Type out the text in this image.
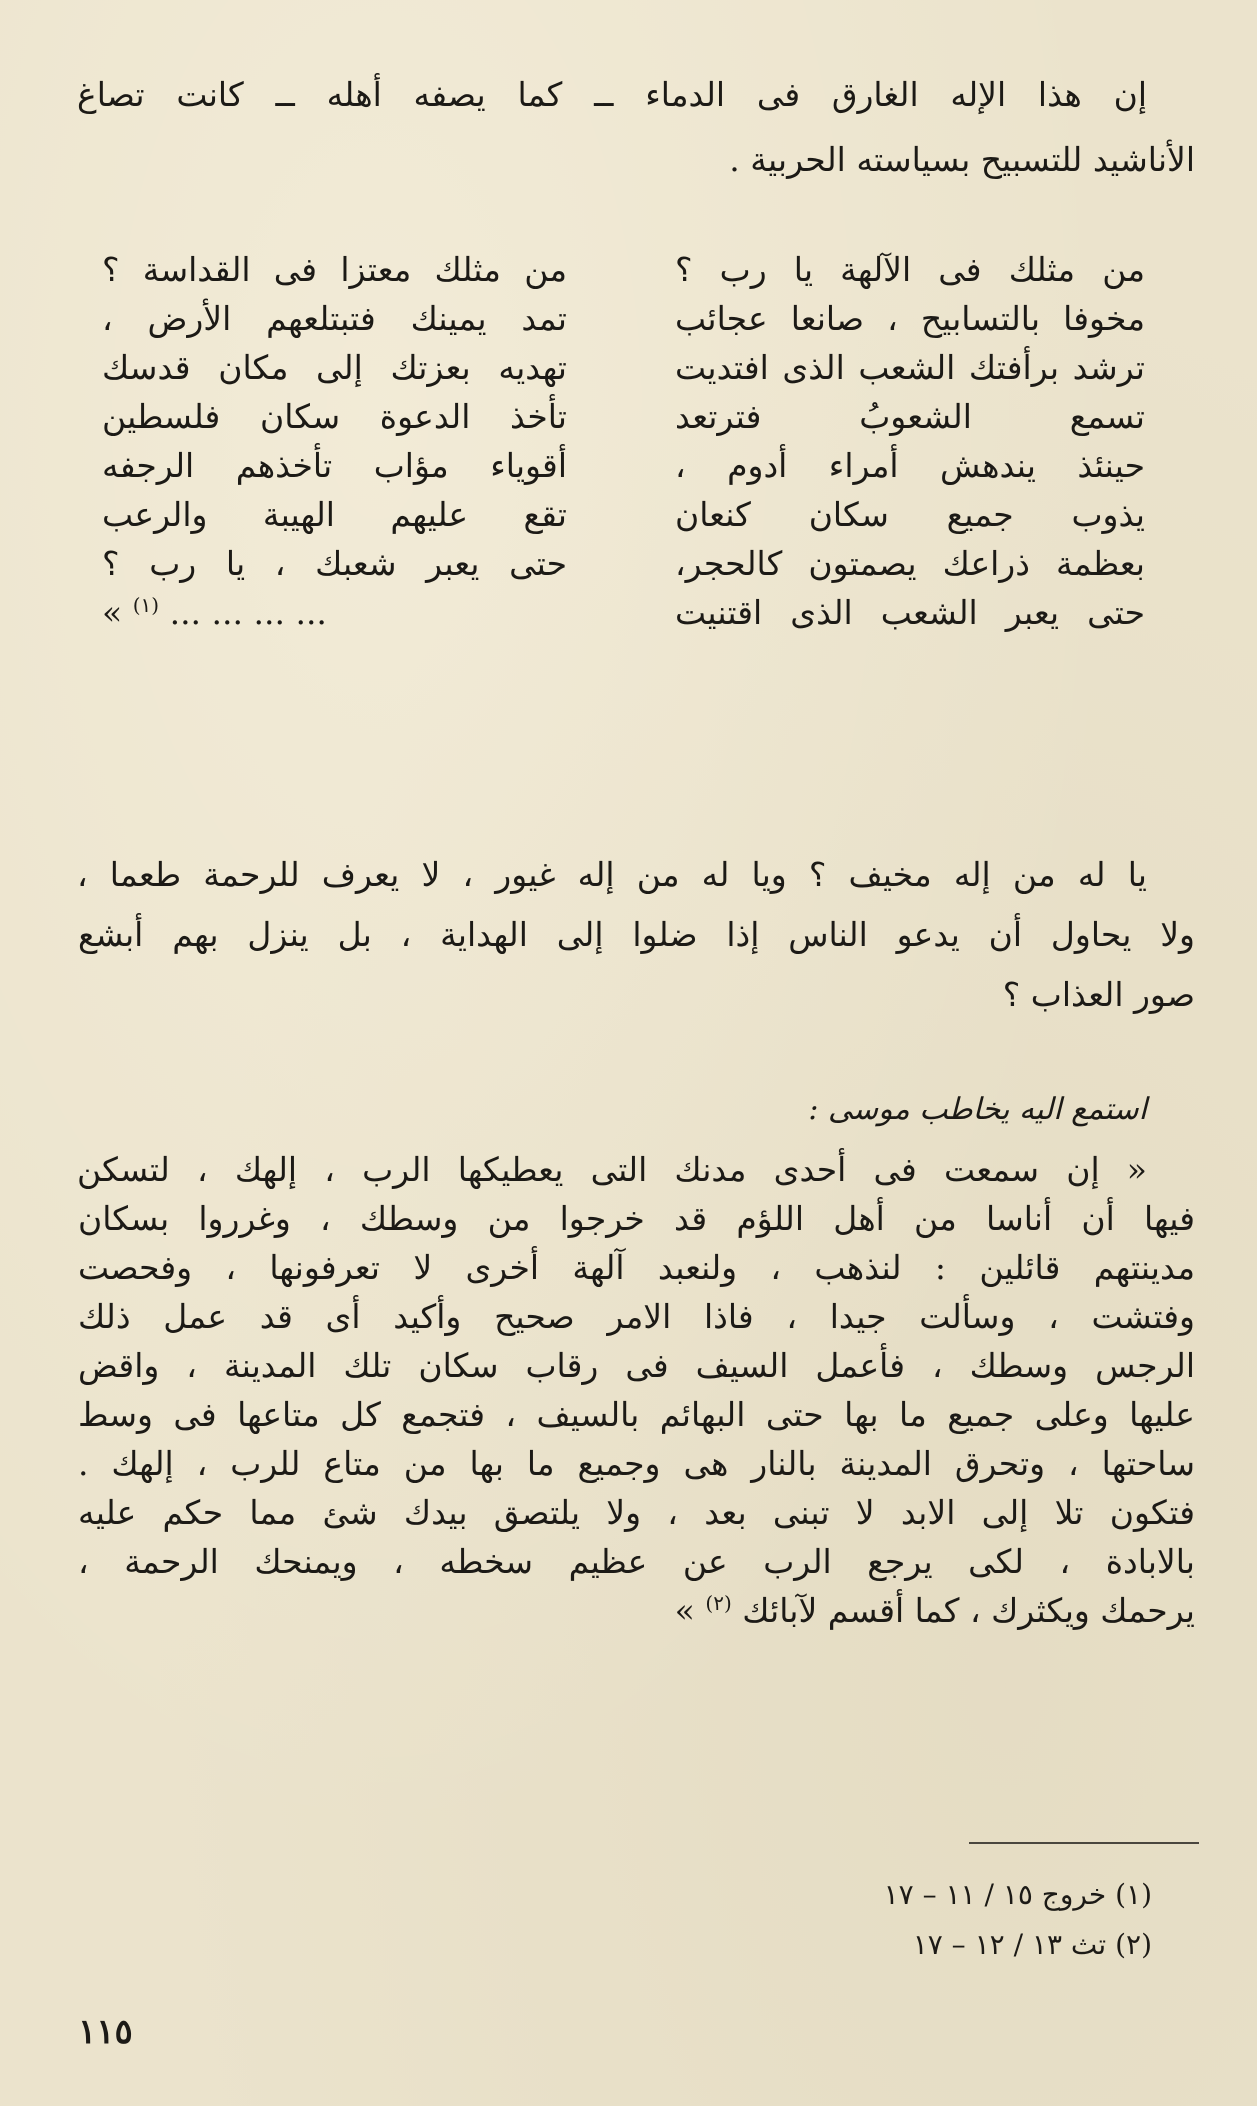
إن هذا الإله الغارق فى الدماء ــ كما يصفه أهله ــ كانت تصاغ
الأناشيد للتسبيح بسياسته الحربية .
من مثلك فى الآلهة يا رب ؟
مخوفا بالتسابيح ، صانعا عجائب
ترشد برأفتك الشعب الذى افتديت
تسمع الشعوبُ فترتعد
حينئذ يندهش أمراء أدوم ،
يذوب جميع سكان كنعان
بعظمة ذراعك يصمتون كالحجر،
حتى يعبر الشعب الذى اقتنيت
من مثلك معتزا فى القداسة ؟
تمد يمينك فتبتلعهم الأرض ،
تهديه بعزتك إلى مكان قدسك
تأخذ الدعوة سكان فلسطين
أقوياء مؤاب تأخذهم الرجفه
تقع عليهم الهيبة والرعب
حتى يعبر شعبك ، يا رب ؟
... ... ... ... $^{(١)}$ »
يا له من إله مخيف ؟ ويا له من إله غيور ، لا يعرف للرحمة طعما ،
ولا يحاول أن يدعو الناس إذا ضلوا إلى الهداية ، بل ينزل بهم أبشع
صور العذاب ؟
استمع اليه يخاطب موسى :
« إن سمعت فى أحدى مدنك التى يعطيكها الرب ، إلهك ، لتسكن
فيها أن أناسا من أهل اللؤم قد خرجوا من وسطك ، وغرروا بسكان
مدينتهم قائلين : لنذهب ، ولنعبد آلهة أخرى لا تعرفونها ، وفحصت
وفتشت ، وسألت جيدا ، فاذا الامر صحيح وأكيد أى قد عمل ذلك
الرجس وسطك ، فأعمل السيف فى رقاب سكان تلك المدينة ، واقض
عليها وعلى جميع ما بها حتى البهائم بالسيف ، فتجمع كل متاعها فى وسط
ساحتها ، وتحرق المدينة بالنار هى وجميع ما بها من متاع للرب ، إلهك .
فتكون تلا إلى الابد لا تبنى بعد ، ولا يلتصق بيدك شئ مما حكم عليه
بالابادة ، لكى يرجع الرب عن عظيم سخطه ، ويمنحك الرحمة ،
يرحمك ويكثرك ، كما أقسم لآبائك $^{(٢)}$ »
(١) خروج ١٥ / ١١ – ١٧
(٢) تث ١٣ / ١٢ – ١٧
١١٥
